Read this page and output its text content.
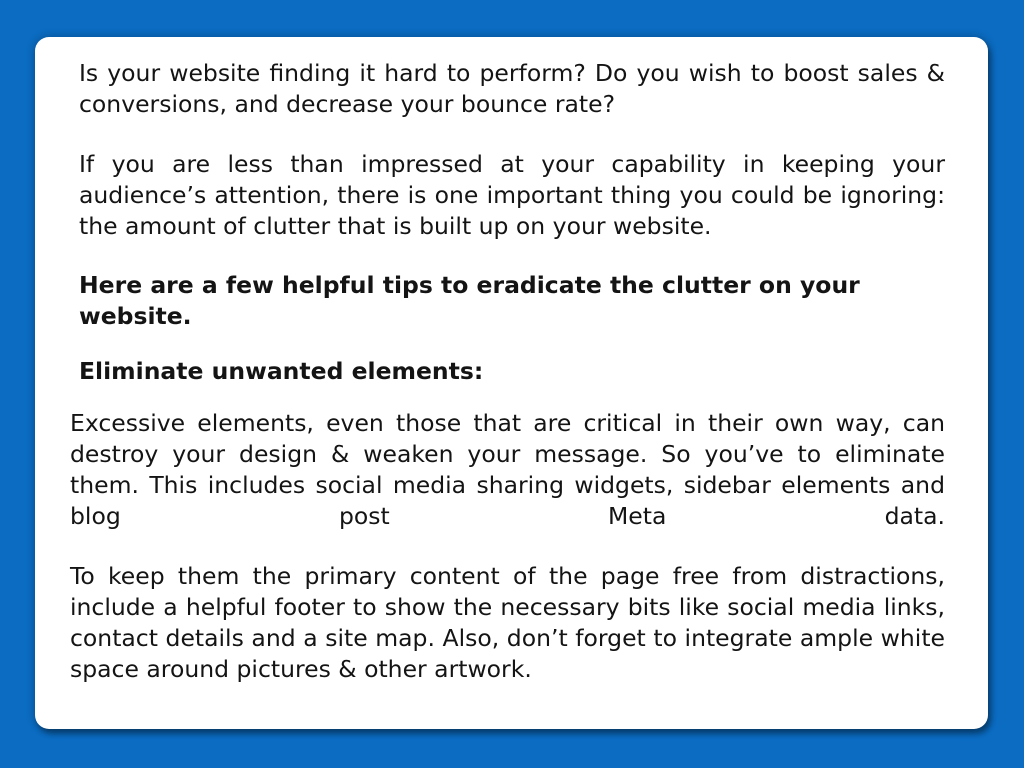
Is your website finding it hard to perform? Do you wish to boost sales & conversions, and decrease your bounce rate?

If you are less than impressed at your capability in keeping your audience’s attention, there is one important thing you could be ignoring: the amount of clutter that is built up on your website.

Here are a few helpful tips to eradicate the clutter on your website.

Eliminate unwanted elements:

Excessive elements, even those that are critical in their own way, can destroy your design & weaken your message. So you’ve to eliminate them. This includes social media sharing widgets, sidebar elements and blog post Meta data.

To keep them the primary content of the page free from distractions, include a helpful footer to show the necessary bits like social media links, contact details and a site map. Also, don’t forget to integrate ample white space around pictures & other artwork.
